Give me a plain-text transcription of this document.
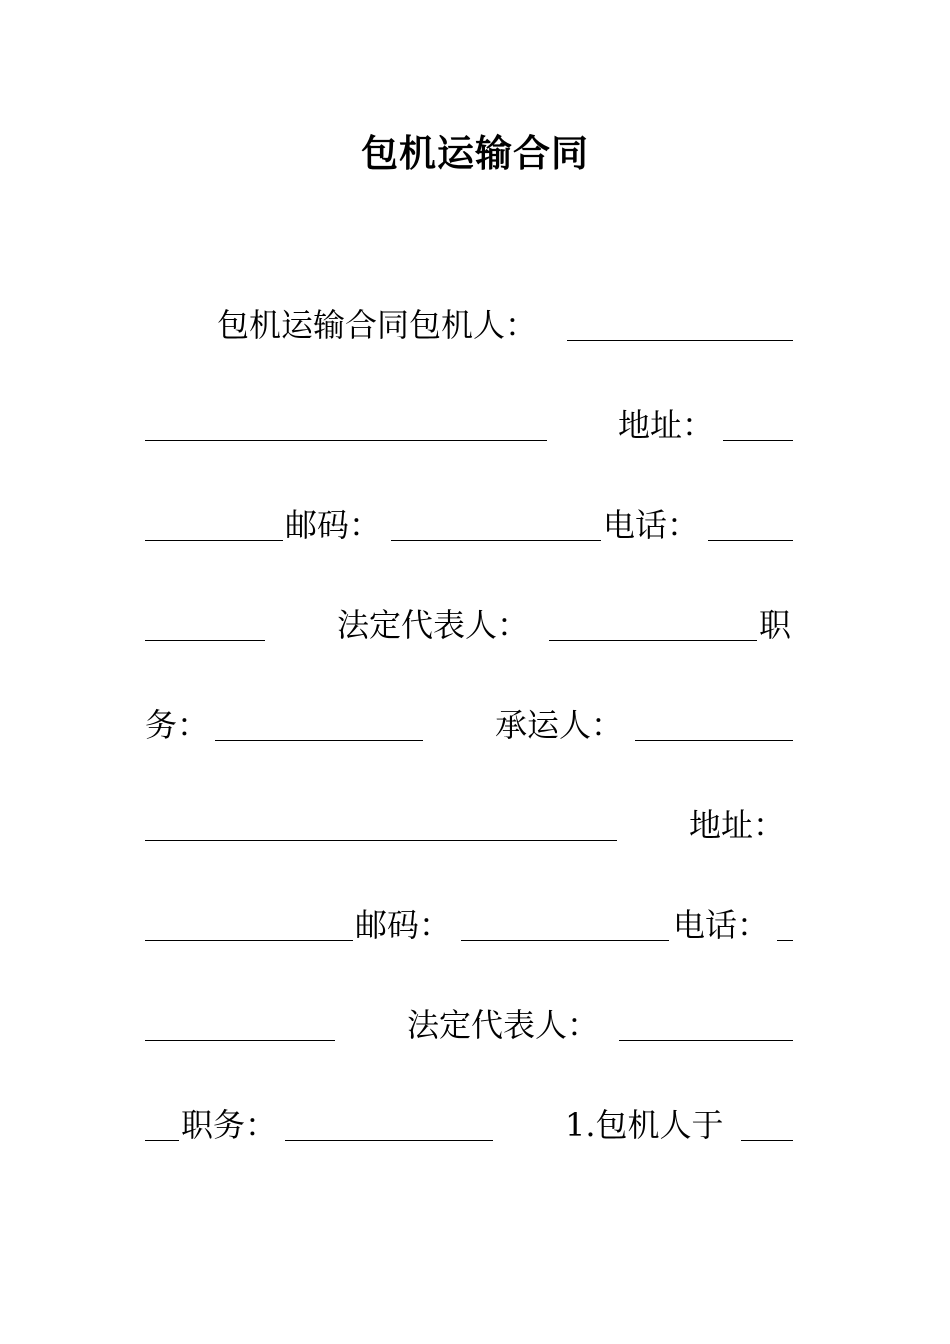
包机运输合同
包机运输合同包机人：
地址：
邮码：	电话：
法定代表人：	职
务：	承运人：
地址：
邮码：	电话：
法定代表人：
职务：	1.包机人于
